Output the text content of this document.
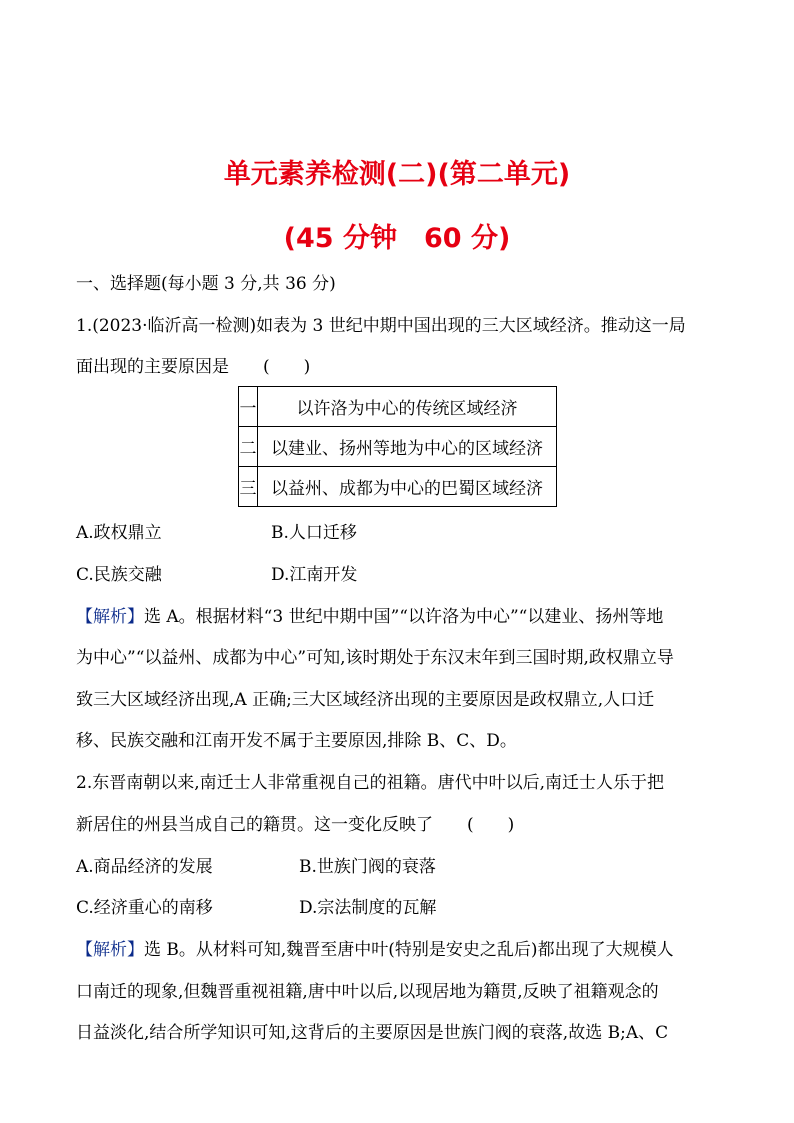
单元素养检测(二)(第二单元)
(45 分钟　60 分)
一、选择题(每小题 3 分,共 36 分)
1.(2023·临沂高一检测)如表为 3 世纪中期中国出现的三大区域经济。推动这一局
面出现的主要原因是　　(　　)
一	以许洛为中心的传统区域经济
二	以建业、扬州等地为中心的区域经济
三	以益州、成都为中心的巴蜀区域经济
A.政权鼎立	B.人口迁移
C.民族交融	D.江南开发
【解析】选 A。根据材料“3 世纪中期中国”“以许洛为中心”“以建业、扬州等地
为中心”“以益州、成都为中心”可知,该时期处于东汉末年到三国时期,政权鼎立导
致三大区域经济出现,A 正确;三大区域经济出现的主要原因是政权鼎立,人口迁
移、民族交融和江南开发不属于主要原因,排除 B、C、D。
2.东晋南朝以来,南迁士人非常重视自己的祖籍。唐代中叶以后,南迁士人乐于把
新居住的州县当成自己的籍贯。这一变化反映了　　(　　)
A.商品经济的发展	B.世族门阀的衰落
C.经济重心的南移	D.宗法制度的瓦解
【解析】选 B。从材料可知,魏晋至唐中叶(特别是安史之乱后)都出现了大规模人
口南迁的现象,但魏晋重视祖籍,唐中叶以后,以现居地为籍贯,反映了祖籍观念的
日益淡化,结合所学知识可知,这背后的主要原因是世族门阀的衰落,故选 B;A、C
